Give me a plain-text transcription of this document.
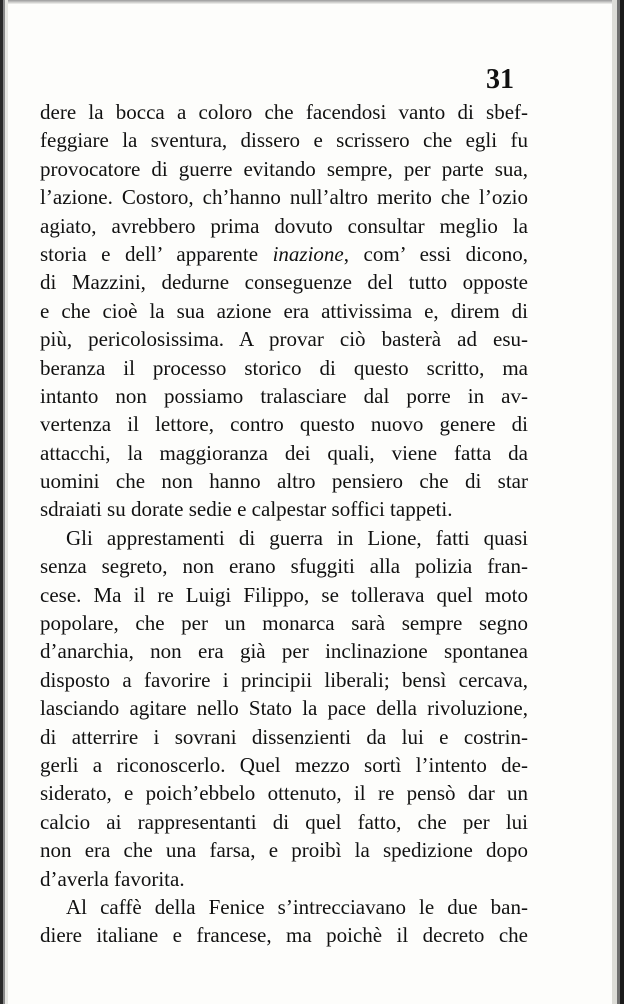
31
dere la bocca a coloro che facendosi vanto di sbef-
feggiare la sventura, dissero e scrissero che egli fu
provocatore di guerre evitando sempre, per parte sua,
l’azione. Costoro, ch’hanno null’altro merito che l’ozio
agiato, avrebbero prima dovuto consultar meglio la
storia e dell’ apparente inazione, com’ essi dicono,
di Mazzini, dedurne conseguenze del tutto opposte
e che cioè la sua azione era attivissima e, direm di
più, pericolosissima. A provar ciò basterà ad esu-
beranza il processo storico di questo scritto, ma
intanto non possiamo tralasciare dal porre in av-
vertenza il lettore, contro questo nuovo genere di
attacchi, la maggioranza dei quali, viene fatta da
uomini che non hanno altro pensiero che di star
sdraiati su dorate sedie e calpestar soffici tappeti.
Gli apprestamenti di guerra in Lione, fatti quasi
senza segreto, non erano sfuggiti alla polizia fran-
cese. Ma il re Luigi Filippo, se tollerava quel moto
popolare, che per un monarca sarà sempre segno
d’anarchia, non era già per inclinazione spontanea
disposto a favorire i principii liberali; bensì cercava,
lasciando agitare nello Stato la pace della rivoluzione,
di atterrire i sovrani dissenzienti da lui e costrin-
gerli a riconoscerlo. Quel mezzo sortì l’intento de-
siderato, e poich’ebbelo ottenuto, il re pensò dar un
calcio ai rappresentanti di quel fatto, che per lui
non era che una farsa, e proibì la spedizione dopo
d’averla favorita.
Al caffè della Fenice s’intrecciavano le due ban-
diere italiane e francese, ma poichè il decreto che
